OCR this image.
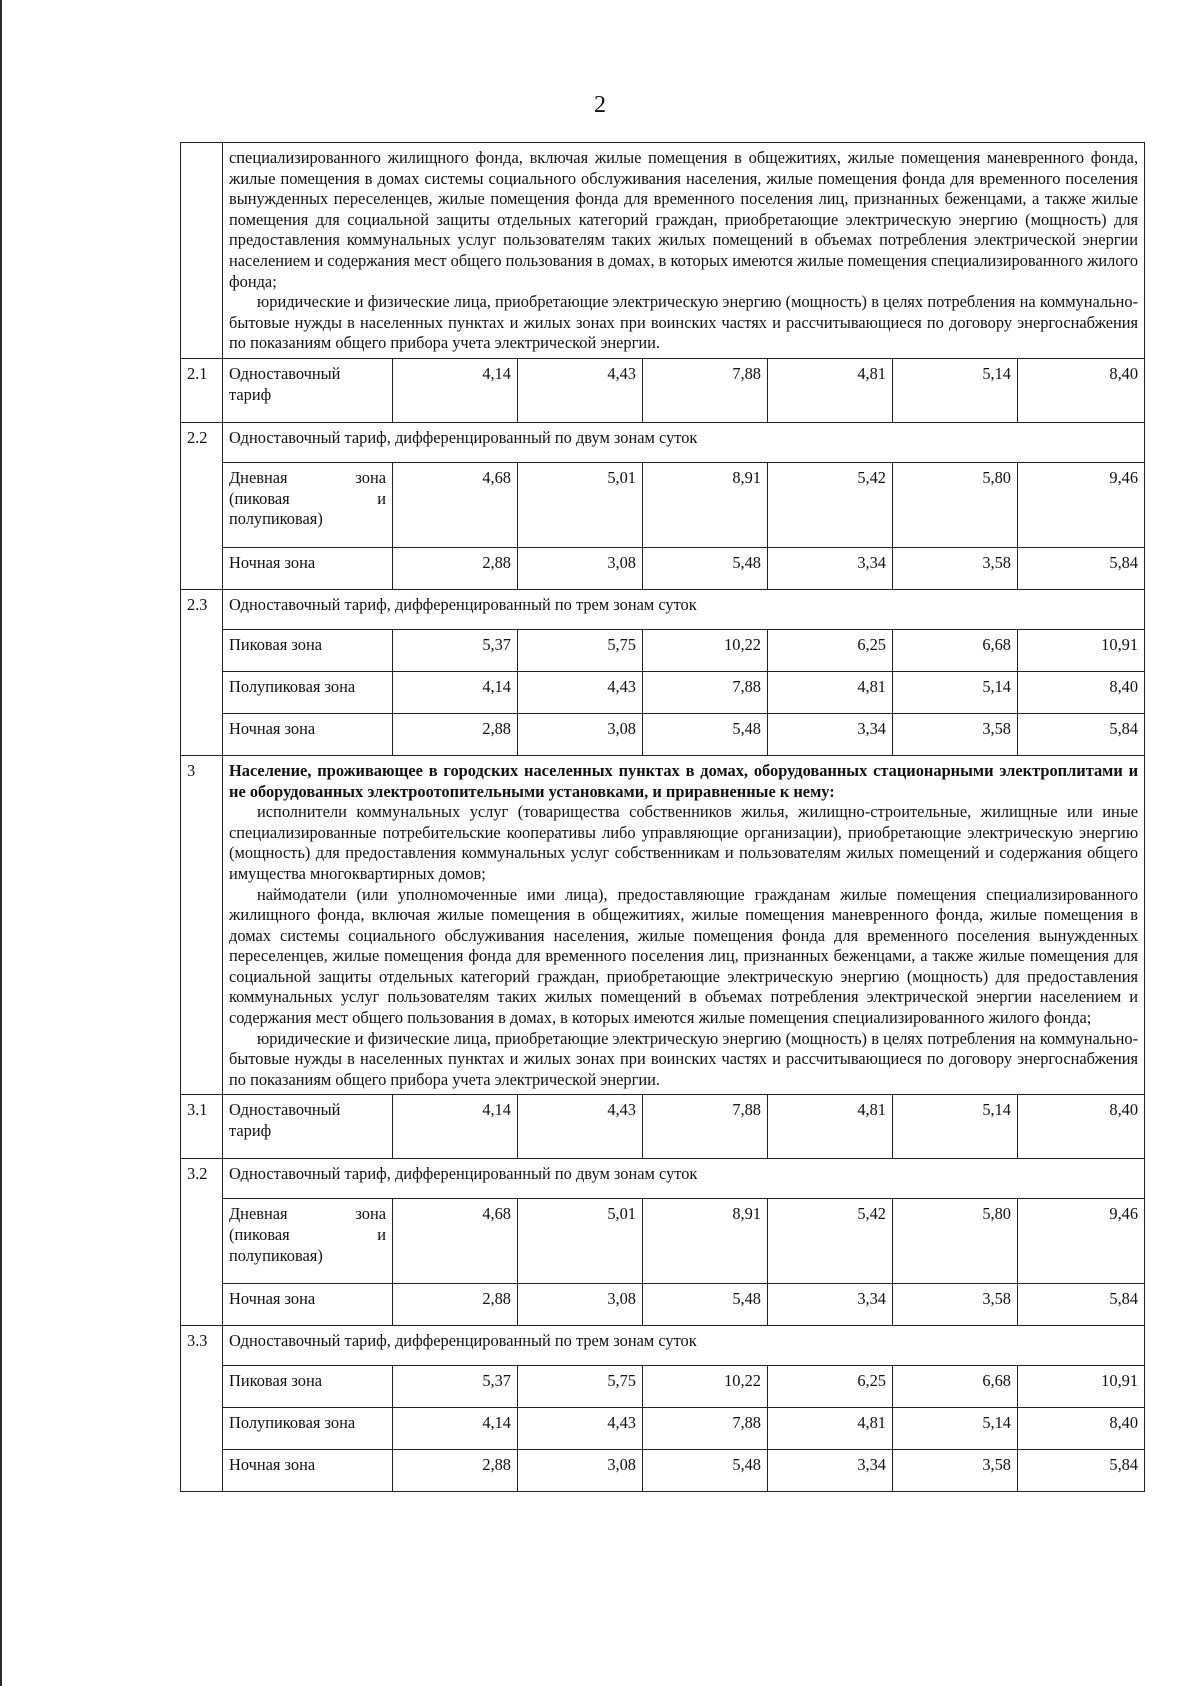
2

	специализированного жилищного фонда, включая жилые помещения в общежитиях, жилые помещения маневренного фонда, жилые помещения в домах системы социального обслуживания населения, жилые помещения фонда для временного поселения вынужденных переселенцев, жилые помещения фонда для временного поселения лиц, признанных беженцами, а также жилые помещения для социальной защиты отдельных категорий граждан, приобретающие электрическую энергию (мощность) для предоставления коммунальных услуг пользователям таких жилых помещений в объемах потребления электрической энергии населением и содержания мест общего пользования в домах, в которых имеются жилые помещения специализированного жилого фонда;

юридические и физические лица, приобретающие электрическую энергию (мощность) в целях потребления на коммунально-бытовые нужды в населенных пунктах и жилых зонах при воинских частях и рассчитывающиеся по договору энергоснабжения по показаниям общего прибора учета электрической энергии.						

2.1	Одноставочный тариф	4,14	4,43	7,88	4,81	5,14	8,40
2.2	Одноставочный тариф, дифференцированный по двум зонам суток						
	Дневная зона (пиковая и полупиковая)	4,68	5,01	8,91	5,42	5,80	9,46
	Ночная зона	2,88	3,08	5,48	3,34	3,58	5,84
2.3	Одноставочный тариф, дифференцированный по трем зонам суток						
	Пиковая зона	5,37	5,75	10,22	6,25	6,68	10,91
	Полупиковая зона	4,14	4,43	7,88	4,81	5,14	8,40
	Ночная зона	2,88	3,08	5,48	3,34	3,58	5,84
3	Население, проживающее в городских населенных пунктах в домах, оборудованных стационарными электроплитами и не оборудованных электроотопительными установками, и приравненные к нему:

исполнители коммунальных услуг (товарищества собственников жилья, жилищно-строительные, жилищные или иные специализированные потребительские кооперативы либо управляющие организации), приобретающие электрическую энергию (мощность) для предоставления коммунальных услуг собственникам и пользователям жилых помещений и содержания общего имущества многоквартирных домов;

наймодатели (или уполномоченные ими лица), предоставляющие гражданам жилые помещения специализированного жилищного фонда, включая жилые помещения в общежитиях, жилые помещения маневренного фонда, жилые помещения в домах системы социального обслуживания населения, жилые помещения фонда для временного поселения вынужденных переселенцев, жилые помещения фонда для временного поселения лиц, признанных беженцами, а также жилые помещения для социальной защиты отдельных категорий граждан, приобретающие электрическую энергию (мощность) для предоставления коммунальных услуг пользователям таких жилых помещений в объемах потребления электрической энергии населением и содержания мест общего пользования в домах, в которых имеются жилые помещения специализированного жилого фонда;

юридические и физические лица, приобретающие электрическую энергию (мощность) в целях потребления на коммунально-бытовые нужды в населенных пунктах и жилых зонах при воинских частях и рассчитывающиеся по договору энергоснабжения по показаниям общего прибора учета электрической энергии.						

3.1	Одноставочный тариф	4,14	4,43	7,88	4,81	5,14	8,40
3.2	Одноставочный тариф, дифференцированный по двум зонам суток						
	Дневная зона (пиковая и полупиковая)	4,68	5,01	8,91	5,42	5,80	9,46
	Ночная зона	2,88	3,08	5,48	3,34	3,58	5,84
3.3	Одноставочный тариф, дифференцированный по трем зонам суток						
	Пиковая зона	5,37	5,75	10,22	6,25	6,68	10,91
	Полупиковая зона	4,14	4,43	7,88	4,81	5,14	8,40
	Ночная зона	2,88	3,08	5,48	3,34	3,58	5,84
